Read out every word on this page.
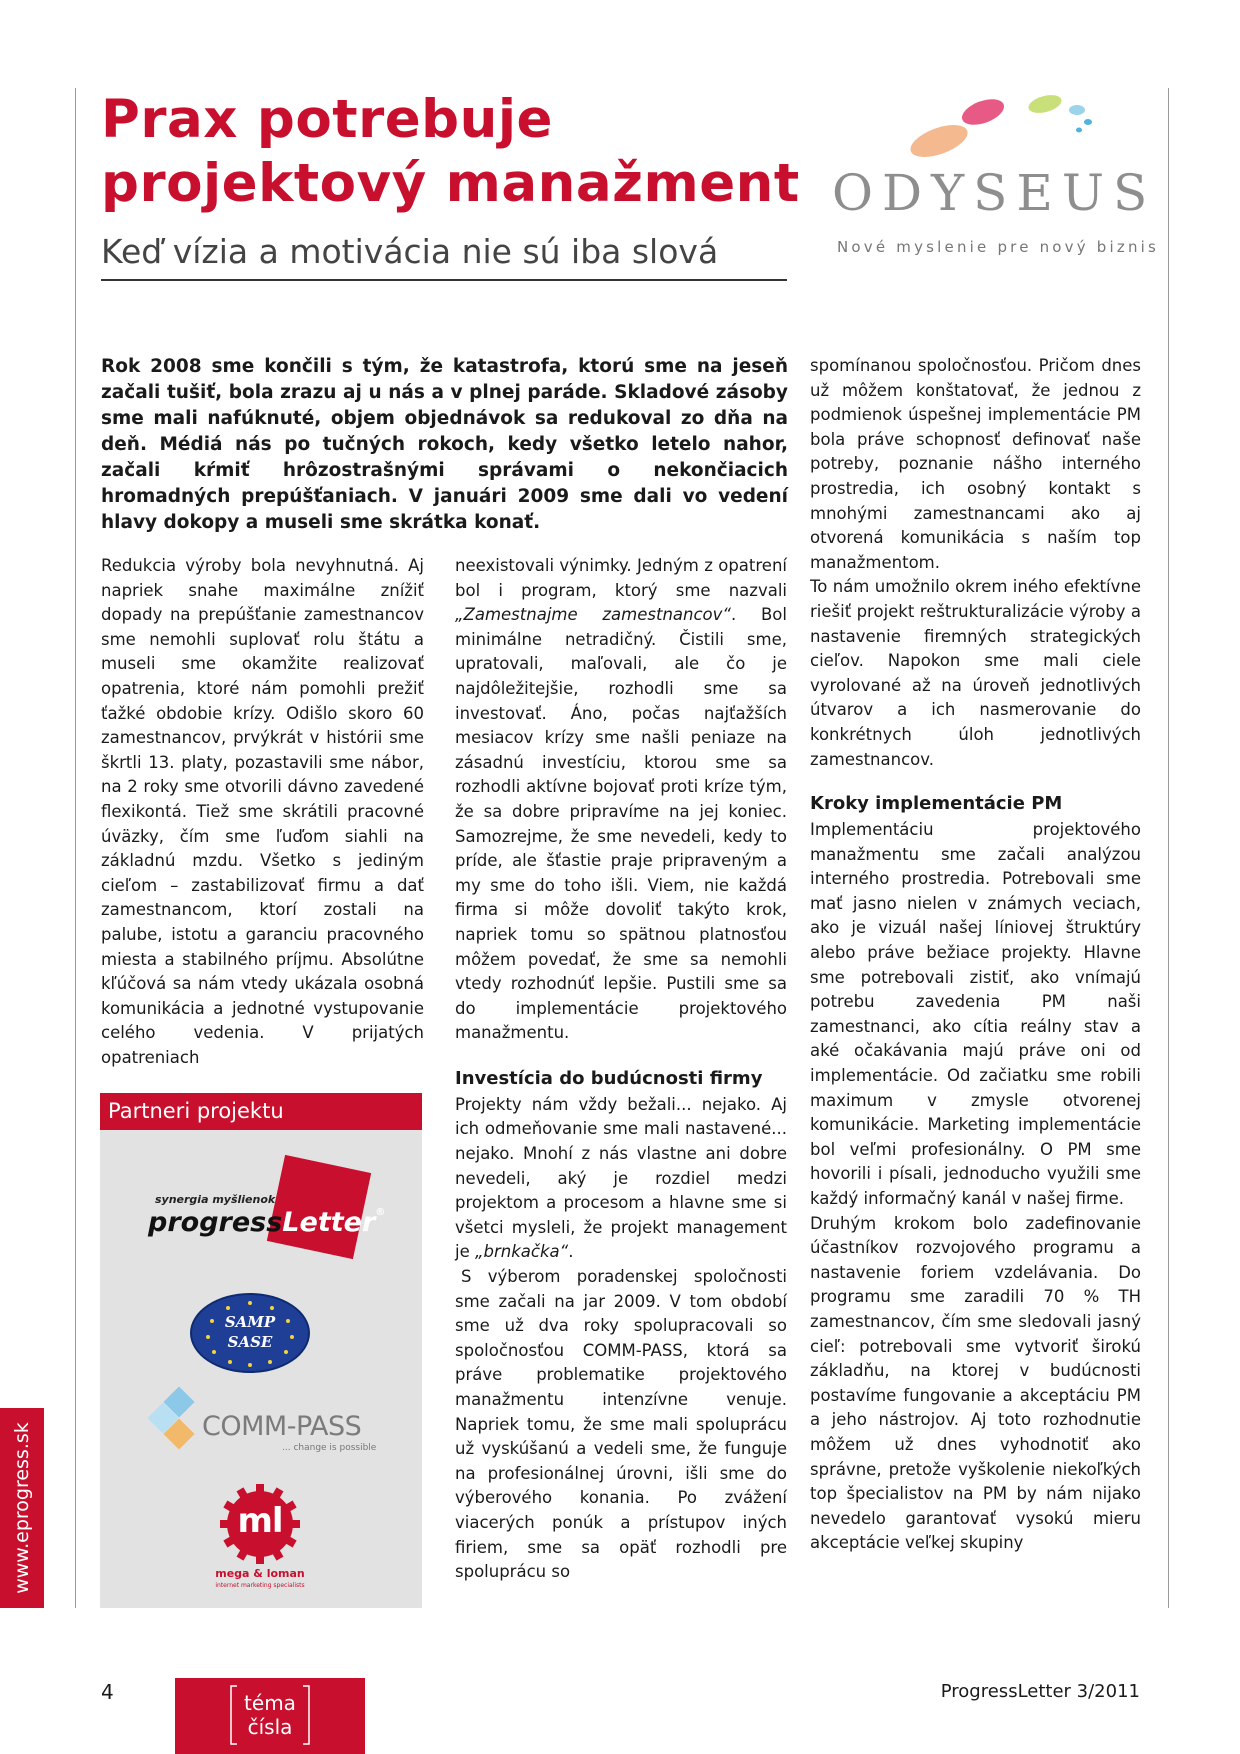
Prax potrebuje
projektový manažment
Keď vízia a motivácia nie sú iba slová
ODYSEUS
Nové myslenie pre nový biznis
Rok 2008 sme končili s tým, že katastrofa, ktorú sme na jeseň začali tušiť, bola zrazu aj u nás a v plnej paráde. Skladové zásoby sme mali nafúknuté, objem objednávok sa redukoval zo dňa na deň. Médiá nás po tučných rokoch, kedy všetko letelo nahor, začali kŕmiť hrôzostrašnými správami o nekončiacich hromadných prepúšťaniach. V januári 2009 sme dali vo vedení hlavy dokopy a museli sme skrátka konať.

Redukcia výroby bola nevyhnutná. Aj napriek snahe maximálne znížiť dopady na prepúšťanie zamestnancov sme nemohli suplovať rolu štátu a museli sme okamžite realizovať opatrenia, ktoré nám pomohli prežiť ťažké obdobie krízy. Odišlo skoro 60 zamestnancov, prvýkrát v histórii sme škrtli 13. platy, pozastavili sme nábor, na 2 roky sme otvorili dávno zavedené flexikontá. Tiež sme skrátili pracovné úväzky, čím sme ľuďom siahli na základnú mzdu. Všetko s jediným cieľom – zastabilizovať firmu a dať zamestnancom, ktorí zostali na palube, istotu a garanciu pracovného miesta a stabilného príjmu. Absolútne kľúčová sa nám vtedy ukázala osobná komunikácia a jednotné vystupovanie celého vedenia. V prijatých opatreniach

Partneri projektu
synergia myšlienok
progressLetter®
SAMP
SASE
COMM-PASS
... change is possible
ml
mega & loman
internet marketing specialists

neexistovali výnimky. Jedným z opatrení bol i program, ktorý sme nazvali „Zamestnajme zamestnancov“. Bol minimálne netradičný. Čistili sme, upratovali, maľovali, ale čo je najdôležitejšie, rozhodli sme sa investovať. Áno, počas najťažších mesiacov krízy sme našli peniaze na zásadnú investíciu, ktorou sme sa rozhodli aktívne bojovať proti kríze tým, že sa dobre pripravíme na jej koniec. Samozrejme, že sme nevedeli, kedy to príde, ale šťastie praje pripraveným a my sme do toho išli. Viem, nie každá firma si môže dovoliť takýto krok, napriek tomu so spätnou platnosťou môžem povedať, že sme sa nemohli vtedy rozhodnúť lepšie. Pustili sme sa do implementácie projektového manažmentu.

Investícia do budúcnosti firmy

Projekty nám vždy bežali... nejako. Aj ich odmeňovanie sme mali nastavené... nejako. Mnohí z nás vlastne ani dobre nevedeli, aký je rozdiel medzi projektom a procesom a hlavne sme si všetci mysleli, že projekt management je „brnkačka“.

S výberom poradenskej spoločnosti sme začali na jar 2009. V tom období sme už dva roky spolupracovali so spoločnosťou COMM-PASS, ktorá sa práve problematike projektového manažmentu intenzívne venuje. Napriek tomu, že sme mali spoluprácu už vyskúšanú a vedeli sme, že funguje na profesionálnej úrovni, išli sme do výberového konania. Po zvážení viacerých ponúk a prístupov iných firiem, sme sa opäť rozhodli pre spoluprácu so

spomínanou spoločnosťou. Pričom dnes už môžem konštatovať, že jednou z podmienok úspešnej implementácie PM bola práve schopnosť definovať naše potreby, poznanie nášho interného prostredia, ich osobný kontakt s mnohými zamestnancami ako aj otvorená komunikácia s naším top manažmentom.

To nám umožnilo okrem iného efektívne riešiť projekt reštrukturalizácie výroby a nastavenie firemných strategických cieľov. Napokon sme mali ciele vyrolované až na úroveň jednotlivých útvarov a ich nasmerovanie do konkrétnych úloh jednotlivých zamestnancov.

Kroky implementácie PM

Implementáciu projektového manažmentu sme začali analýzou interného prostredia. Potrebovali sme mať jasno nielen v známych veciach, ako je vizuál našej líniovej štruktúry alebo práve bežiace projekty. Hlavne sme potrebovali zistiť, ako vnímajú potrebu zavedenia PM naši zamestnanci, ako cítia reálny stav a aké očakávania majú práve oni od implementácie. Od začiatku sme robili maximum v zmysle otvorenej komunikácie. Marketing implementácie bol veľmi profesionálny. O PM sme hovorili i písali, jednoducho využili sme každý informačný kanál v našej firme.

Druhým krokom bolo zadefinovanie účastníkov rozvojového programu a nastavenie foriem vzdelávania. Do programu sme zaradili 70 % TH zamestnancov, čím sme sledovali jasný cieľ: potrebovali sme vytvoriť širokú základňu, na ktorej v budúcnosti postavíme fungovanie a akceptáciu PM a jeho nástrojov. Aj toto rozhodnutie môžem už dnes vyhodnotiť ako správne, pretože vyškolenie niekoľkých top špecialistov na PM by nám nijako nevedelo garantovať vysokú mieru akceptácie veľkej skupiny

www.eprogress.sk
4	téma
čísla
ProgressLetter 3/2011
